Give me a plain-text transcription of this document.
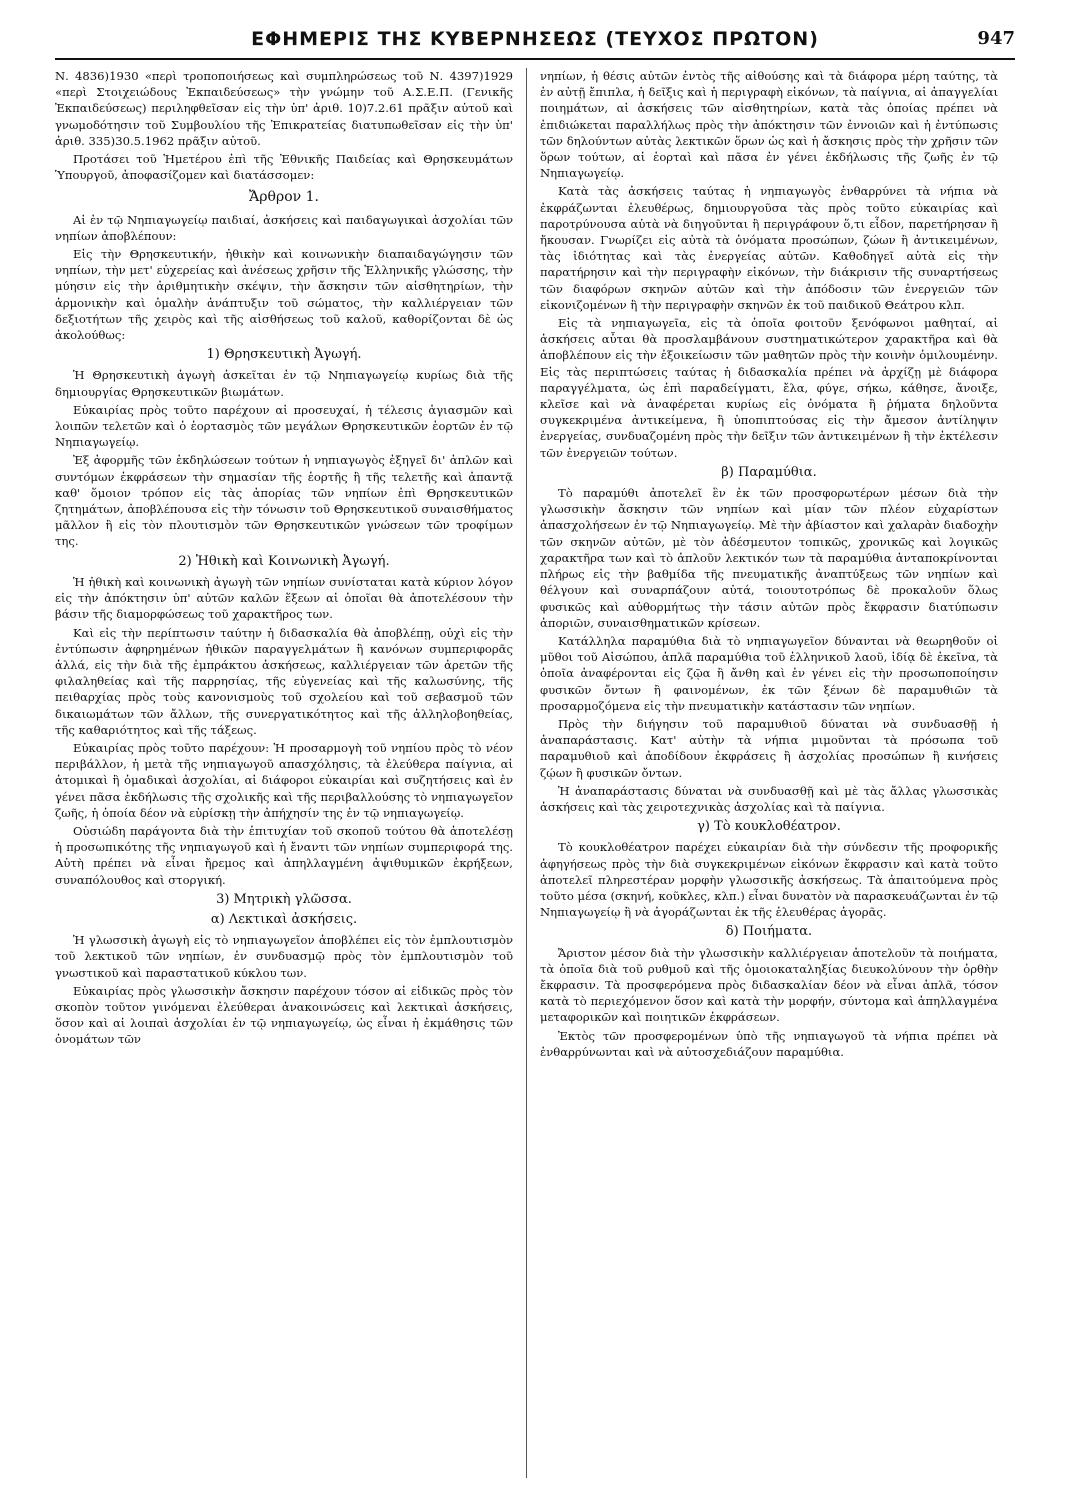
ΕΦΗΜΕΡΙΣ ΤΗΣ ΚΥΒΕΡΝΗΣΕΩΣ (ΤΕΥΧΟΣ ΠΡΩΤΟΝ)	947

Ν. 4836)1930 «περὶ τροποποιήσεως καὶ συμπληρώσεως τοῦ Ν. 4397)1929 «περὶ Στοιχειώδους Ἐκπαιδεύσεως» τὴν γνώμην τοῦ Α.Σ.Ε.Π. (Γενικῆς Ἐκπαιδεύσεως) περιληφθεῖσαν εἰς τὴν ὑπ' ἀριθ. 10)7.2.61 πρᾶξιν αὐτοῦ καὶ γνωμοδότησιν τοῦ Συμβουλίου τῆς Ἐπικρατείας διατυπωθεῖσαν εἰς τὴν ὑπ' ἀριθ. 335)30.5.1962 πρᾶξιν αὐτοῦ.

Προτάσει τοῦ Ἡμετέρου ἐπὶ τῆς Ἐθνικῆς Παιδείας καὶ Θρησκευμάτων Ὑπουργοῦ, ἀποφασίζομεν καὶ διατάσσομεν:

Ἄρθρον 1.

Αἱ ἐν τῷ Νηπιαγωγείῳ παιδιαί, ἀσκήσεις καὶ παιδαγωγικαὶ ἀσχολίαι τῶν νηπίων ἀποβλέπουν:

Εἰς τὴν Θρησκευτικήν, ἠθικὴν καὶ κοινωνικὴν διαπαιδαγώγησιν τῶν νηπίων, τὴν μετ' εὐχερείας καὶ ἀνέσεως χρῆσιν τῆς Ἑλληνικῆς γλώσσης, τὴν μύησιν εἰς τὴν ἀριθμητικὴν σκέψιν, τὴν ἄσκησιν τῶν αἰσθητηρίων, τὴν ἁρμονικὴν καὶ ὁμαλὴν ἀνάπτυξιν τοῦ σώματος, τὴν καλλιέργειαν τῶν δεξιοτήτων τῆς χειρὸς καὶ τῆς αἰσθήσεως τοῦ καλοῦ, καθορίζονται δὲ ὡς ἀκολούθως:

1) Θρησκευτικὴ Ἀγωγή.

Ἡ Θρησκευτικὴ ἀγωγὴ ἀσκεῖται ἐν τῷ Νηπιαγωγείῳ κυρίως διὰ τῆς δημιουργίας Θρησκευτικῶν βιωμάτων.

Εὐκαιρίας πρὸς τοῦτο παρέχουν αἱ προσευχαί, ἡ τέλεσις ἁγιασμῶν καὶ λοιπῶν τελετῶν καὶ ὁ ἑορτασμὸς τῶν μεγάλων Θρησκευτικῶν ἑορτῶν ἐν τῷ Νηπιαγωγείῳ.

Ἐξ ἀφορμῆς τῶν ἐκδηλώσεων τούτων ἡ νηπιαγωγὸς ἐξηγεῖ δι' ἁπλῶν καὶ συντόμων ἐκφράσεων τὴν σημασίαν τῆς ἑορτῆς ἢ τῆς τελετῆς καὶ ἀπαντᾷ καθ' ὅμοιον τρόπον εἰς τὰς ἀπορίας τῶν νηπίων ἐπὶ Θρησκευτικῶν ζητημάτων, ἀποβλέπουσα εἰς τὴν τόνωσιν τοῦ Θρησκευτικοῦ συναισθήματος μᾶλλον ἢ εἰς τὸν πλουτισμὸν τῶν Θρησκευτικῶν γνώσεων τῶν τροφίμων της.

2) Ἠθικὴ καὶ Κοινωνικὴ Ἀγωγή.

Ἡ ἠθικὴ καὶ κοινωνικὴ ἀγωγὴ τῶν νηπίων συνίσταται κατὰ κύριον λόγον εἰς τὴν ἀπόκτησιν ὑπ' αὐτῶν καλῶν ἕξεων αἱ ὁποῖαι θὰ ἀποτελέσουν τὴν βάσιν τῆς διαμορφώσεως τοῦ χαρακτῆρος των.

Καὶ εἰς τὴν περίπτωσιν ταύτην ἡ διδασκαλία θὰ ἀποβλέπῃ, οὐχὶ εἰς τὴν ἐντύπωσιν ἀφηρημένων ἠθικῶν παραγγελμάτων ἢ κανόνων συμπεριφορᾶς ἀλλά, εἰς τὴν διὰ τῆς ἐμπράκτου ἀσκήσεως, καλλιέργειαν τῶν ἀρετῶν τῆς φιλαληθείας καὶ τῆς παρρησίας, τῆς εὐγενείας καὶ τῆς καλωσύνης, τῆς πειθαρχίας πρὸς τοὺς κανονισμοὺς τοῦ σχολείου καὶ τοῦ σεβασμοῦ τῶν δικαιωμάτων τῶν ἄλλων, τῆς συνεργατικότητος καὶ τῆς ἀλληλοβοηθείας, τῆς καθαριότητος καὶ τῆς τάξεως.

Εὐκαιρίας πρὸς τοῦτο παρέχουν: Ἡ προσαρμογὴ τοῦ νηπίου πρὸς τὸ νέον περιβάλλον, ἡ μετὰ τῆς νηπιαγωγοῦ απασχόλησις, τὰ ἐλεύθερα παίγνια, αἱ ἀτομικαὶ ἢ ὁμαδικαὶ ἀσχολίαι, αἱ διάφοροι εὐκαιρίαι καὶ συζητήσεις καὶ ἐν γένει πᾶσα ἐκδήλωσις τῆς σχολικῆς καὶ τῆς περιβαλλούσης τὸ νηπιαγωγεῖον ζωῆς, ἡ ὁποία δέον νὰ εὑρίσκῃ τὴν ἀπήχησίν της ἐν τῷ νηπιαγωγείῳ.

Οὐσιώδη παράγοντα διὰ τὴν ἐπιτυχίαν τοῦ σκοποῦ τούτου θὰ ἀποτελέσῃ ἡ προσωπικότης τῆς νηπιαγωγοῦ καὶ ἡ ἔναντι τῶν νηπίων συμπεριφορά της. Αὐτὴ πρέπει νὰ εἶναι ἤρεμος καὶ ἀπηλλαγμένη ἀψιθυμικῶν ἐκρήξεων, συναπόλουθος καὶ στοργική.

3) Μητρικὴ γλῶσσα.
α) Λεκτικαὶ ἀσκήσεις.

Ἡ γλωσσικὴ ἀγωγὴ εἰς τὸ νηπιαγωγεῖον ἀποβλέπει εἰς τὸν ἐμπλουτισμὸν τοῦ λεκτικοῦ τῶν νηπίων, ἐν συνδυασμῷ πρὸς τὸν ἐμπλουτισμὸν τοῦ γνωστικοῦ καὶ παραστατικοῦ κύκλου των.

Εὐκαιρίας πρὸς γλωσσικὴν ἄσκησιν παρέχουν τόσον αἱ εἰδικῶς πρὸς τὸν σκοπὸν τοῦτον γινόμεναι ἐλεύθεραι ἀνακοινώσεις καὶ λεκτικαὶ ἀσκήσεις, ὅσον καὶ αἱ λοιπαὶ ἀσχολίαι ἐν τῷ νηπιαγωγείῳ, ὡς εἶναι ἡ ἐκμάθησις τῶν ὀνομάτων τῶν

νηπίων, ἡ θέσις αὐτῶν ἐντὸς τῆς αἰθούσης καὶ τὰ διάφορα μέρη ταύτης, τὰ ἐν αὐτῇ ἔπιπλα, ἡ δεῖξις καὶ ἡ περιγραφὴ εἰκόνων, τὰ παίγνια, αἱ ἀπαγγελίαι ποιημάτων, αἱ ἀσκήσεις τῶν αἰσθητηρίων, κατὰ τὰς ὁποίας πρέπει νὰ ἐπιδιώκεται παραλλήλως πρὸς τὴν ἀπόκτησιν τῶν ἐννοιῶν καὶ ἡ ἐντύπωσις τῶν δηλούντων αὐτὰς λεκτικῶν ὅρων ὡς καὶ ἡ ἄσκησις πρὸς τὴν χρῆσιν τῶν ὅρων τούτων, αἱ ἑορταὶ καὶ πᾶσα ἐν γένει ἐκδήλωσις τῆς ζωῆς ἐν τῷ Νηπιαγωγείῳ.

Κατὰ τὰς ἀσκήσεις ταύτας ἡ νηπιαγωγὸς ἐνθαρρύνει τὰ νήπια νὰ ἐκφράζωνται ἐλευθέρως, δημιουργοῦσα τὰς πρὸς τοῦτο εὐκαιρίας καὶ παροτρύνουσα αὐτὰ νὰ διηγοῦνται ἢ περιγράφουν ὅ,τι εἶδον, παρετήρησαν ἢ ἤκουσαν. Γνωρίζει εἰς αὐτὰ τὰ ὀνόματα προσώπων, ζώων ἢ ἀντικειμένων, τὰς ἰδιότητας καὶ τὰς ἐνεργείας αὐτῶν. Καθοδηγεῖ αὐτὰ εἰς τὴν παρατήρησιν καὶ τὴν περιγραφὴν εἰκόνων, τὴν διάκρισιν τῆς συναρτήσεως τῶν διαφόρων σκηνῶν αὐτῶν καὶ τὴν ἀπόδοσιν τῶν ἐνεργειῶν τῶν εἰκονιζομένων ἢ τὴν περιγραφὴν σκηνῶν ἐκ τοῦ παιδικοῦ Θεάτρου κλπ.

Εἰς τὰ νηπιαγωγεῖα, εἰς τὰ ὁποῖα φοιτοῦν ξενόφωνοι μαθηταί, αἱ ἀσκήσεις αὗται θὰ προσλαμβάνουν συστηματικώτερον χαρακτῆρα καὶ θὰ ἀποβλέπουν εἰς τὴν ἐξοικείωσιν τῶν μαθητῶν πρὸς τὴν κοινὴν ὁμιλουμένην. Εἰς τὰς περιπτώσεις ταύτας ἡ διδασκαλία πρέπει νὰ ἀρχίζῃ μὲ διάφορα παραγγέλματα, ὡς ἐπὶ παραδείγματι, ἔλα, φύγε, σήκω, κάθησε, ἄνοιξε, κλεῖσε καὶ νὰ ἀναφέρεται κυρίως εἰς ὀνόματα ἢ ῥήματα δηλοῦντα συγκεκριμένα ἀντικείμενα, ἢ ὑποπιπτούσας εἰς τὴν ἄμεσον ἀντίληψιν ἐνεργείας, συνδυαζομένη πρὸς τὴν δεῖξιν τῶν ἀντικειμένων ἢ τὴν ἐκτέλεσιν τῶν ἐνεργειῶν τούτων.

β) Παραμύθια.

Τὸ παραμύθι ἀποτελεῖ ἓν ἐκ τῶν προσφορωτέρων μέσων διὰ τὴν γλωσσικὴν ἄσκησιν τῶν νηπίων καὶ μίαν τῶν πλέον εὐχαρίστων ἀπασχολήσεων ἐν τῷ Νηπιαγωγείῳ. Μὲ τὴν ἀβίαστον καὶ χαλαρὰν διαδοχὴν τῶν σκηνῶν αὐτῶν, μὲ τὸν ἀδέσμευτον τοπικῶς, χρονικῶς καὶ λογικῶς χαρακτῆρα των καὶ τὸ ἁπλοῦν λεκτικόν των τὰ παραμύθια ἀνταποκρίνονται πλήρως εἰς τὴν βαθμίδα τῆς πνευματικῆς ἀναπτύξεως τῶν νηπίων καὶ θέλγουν καὶ συναρπάζουν αὐτά, τοιουτοτρόπως δὲ προκαλοῦν ὅλως φυσικῶς καὶ αὐθορμήτως τὴν τάσιν αὐτῶν πρὸς ἔκφρασιν διατύπωσιν ἀποριῶν, συναισθηματικῶν κρίσεων.

Κατάλληλα παραμύθια διὰ τὸ νηπιαγωγεῖον δύνανται νὰ θεωρηθοῦν οἱ μῦθοι τοῦ Αἰσώπου, ἁπλᾶ παραμύθια τοῦ ἑλληνικοῦ λαοῦ, ἰδίᾳ δὲ ἐκεῖνα, τὰ ὁποῖα ἀναφέρονται εἰς ζῷα ἢ ἄνθη καὶ ἐν γένει εἰς τὴν προσωποποίησιν φυσικῶν ὄντων ἢ φαινομένων, ἐκ τῶν ξένων δὲ παραμυθιῶν τὰ προσαρμοζόμενα εἰς τὴν πνευματικὴν κατάστασιν τῶν νηπίων.

Πρὸς τὴν διήγησιν τοῦ παραμυθιοῦ δύναται νὰ συνδυασθῇ ἡ ἀναπαράστασις. Κατ' αὐτὴν τὰ νήπια μιμοῦνται τὰ πρόσωπα τοῦ παραμυθιοῦ καὶ ἀποδίδουν ἐκφράσεις ἢ ἀσχολίας προσώπων ἢ κινήσεις ζῴων ἢ φυσικῶν ὄντων.

Ἡ ἀναπαράστασις δύναται νὰ συνδυασθῇ καὶ μὲ τὰς ἄλλας γλωσσικὰς ἀσκήσεις καὶ τὰς χειροτεχνικὰς ἀσχολίας καὶ τὰ παίγνια.

γ) Τὸ κουκλοθέατρον.

Τὸ κουκλοθέατρον παρέχει εὐκαιρίαν διὰ τὴν σύνδεσιν τῆς προφορικῆς ἀφηγήσεως πρὸς τὴν διὰ συγκεκριμένων εἰκόνων ἔκφρασιν καὶ κατὰ τοῦτο ἀποτελεῖ πληρεστέραν μορφὴν γλωσσικῆς ἀσκήσεως. Τὰ ἀπαιτούμενα πρὸς τοῦτο μέσα (σκηνή, κοῦκλες, κλπ.) εἶναι δυνατὸν νὰ παρασκευάζωνται ἐν τῷ Νηπιαγωγείῳ ἢ νὰ ἀγοράζωνται ἐκ τῆς ἐλευθέρας ἀγορᾶς.

δ) Ποιήματα.

Ἄριστον μέσον διὰ τὴν γλωσσικὴν καλλιέργειαν ἀποτελοῦν τὰ ποιήματα, τὰ ὁποῖα διὰ τοῦ ρυθμοῦ καὶ τῆς ὁμοιοκαταληξίας διευκολύνουν τὴν ὀρθὴν ἔκφρασιν. Τὰ προσφερόμενα πρὸς διδασκαλίαν δέον νὰ εἶναι ἁπλᾶ, τόσον κατὰ τὸ περιεχόμενον ὅσον καὶ κατὰ τὴν μορφήν, σύντομα καὶ ἀπηλλαγμένα μεταφορικῶν καὶ ποιητικῶν ἐκφράσεων.

Ἐκτὸς τῶν προσφερομένων ὑπὸ τῆς νηπιαγωγοῦ τὰ νήπια πρέπει νὰ ἐνθαρρύνωνται καὶ νὰ αὐτοσχεδιάζουν παραμύθια.
